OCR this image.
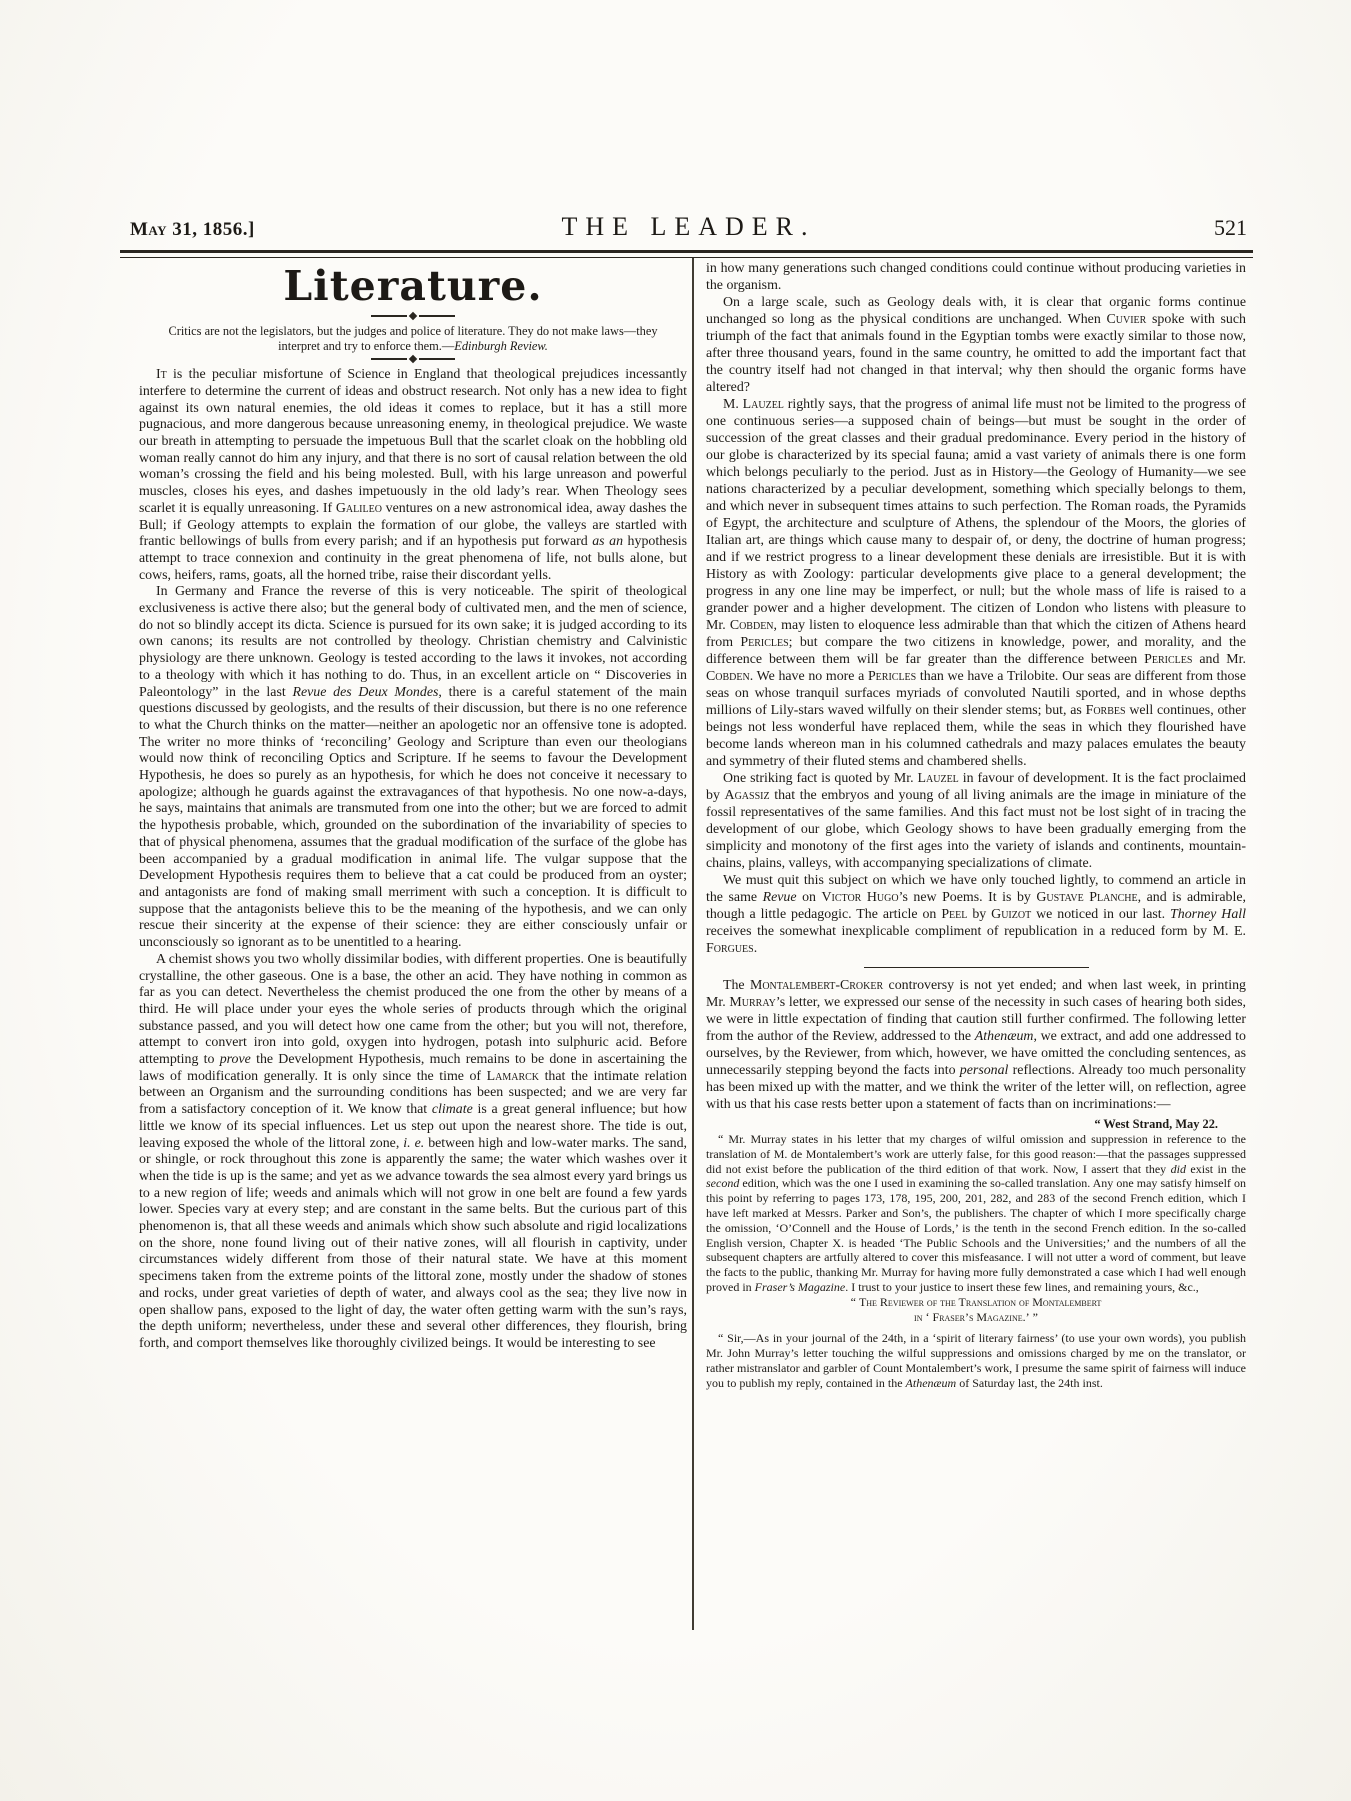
May 31, 1856.]	THE LEADER.	521
Literature.

Critics are not the legislators, but the judges and police of literature. They do not make laws—they interpret and try to enforce them.—Edinburgh Review.

It is the peculiar misfortune of Science in England that theological prejudices incessantly interfere to determine the current of ideas and obstruct research. Not only has a new idea to fight against its own natural enemies, the old ideas it comes to replace, but it has a still more pugnacious, and more dangerous because unreasoning enemy, in theological prejudice. We waste our breath in attempting to persuade the impetuous Bull that the scarlet cloak on the hobbling old woman really cannot do him any injury, and that there is no sort of causal relation between the old woman’s crossing the field and his being molested. Bull, with his large unreason and powerful muscles, closes his eyes, and dashes impetuously in the old lady’s rear. When Theology sees scarlet it is equally unreasoning. If Galileo ventures on a new astronomical idea, away dashes the Bull; if Geology attempts to explain the formation of our globe, the valleys are startled with frantic bellowings of bulls from every parish; and if an hypothesis put forward as an hypothesis attempt to trace connexion and continuity in the great phenomena of life, not bulls alone, but cows, heifers, rams, goats, all the horned tribe, raise their discordant yells.

In Germany and France the reverse of this is very noticeable. The spirit of theological exclusiveness is active there also; but the general body of cultivated men, and the men of science, do not so blindly accept its dicta. Science is pursued for its own sake; it is judged according to its own canons; its results are not controlled by theology. Christian chemistry and Calvinistic physiology are there unknown. Geology is tested according to the laws it invokes, not according to a theology with which it has nothing to do. Thus, in an excellent article on “ Discoveries in Paleontology” in the last Revue des Deux Mondes, there is a careful statement of the main questions discussed by geologists, and the results of their discussion, but there is no one reference to what the Church thinks on the matter—neither an apologetic nor an offensive tone is adopted. The writer no more thinks of ‘reconciling’ Geology and Scripture than even our theologians would now think of reconciling Optics and Scripture. If he seems to favour the Development Hypothesis, he does so purely as an hypothesis, for which he does not conceive it necessary to apologize; although he guards against the extravagances of that hypothesis. No one now-a-days, he says, maintains that animals are transmuted from one into the other; but we are forced to admit the hypothesis probable, which, grounded on the subordination of the invariability of species to that of physical phenomena, assumes that the gradual modification of the surface of the globe has been accompanied by a gradual modification in animal life. The vulgar suppose that the Development Hypothesis requires them to believe that a cat could be produced from an oyster; and antagonists are fond of making small merriment with such a conception. It is difficult to suppose that the antagonists believe this to be the meaning of the hypothesis, and we can only rescue their sincerity at the expense of their science: they are either consciously unfair or unconsciously so ignorant as to be unentitled to a hearing.

A chemist shows you two wholly dissimilar bodies, with different properties. One is beautifully crystalline, the other gaseous. One is a base, the other an acid. They have nothing in common as far as you can detect. Nevertheless the chemist produced the one from the other by means of a third. He will place under your eyes the whole series of products through which the original substance passed, and you will detect how one came from the other; but you will not, therefore, attempt to convert iron into gold, oxygen into hydrogen, potash into sulphuric acid. Before attempting to prove the Development Hypothesis, much remains to be done in ascertaining the laws of modification generally. It is only since the time of Lamarck that the intimate relation between an Organism and the surrounding conditions has been suspected; and we are very far from a satisfactory conception of it. We know that climate is a great general influence; but how little we know of its special influences. Let us step out upon the nearest shore. The tide is out, leaving exposed the whole of the littoral zone, i. e. between high and low-water marks. The sand, or shingle, or rock throughout this zone is apparently the same; the water which washes over it when the tide is up is the same; and yet as we advance towards the sea almost every yard brings us to a new region of life; weeds and animals which will not grow in one belt are found a few yards lower. Species vary at every step; and are constant in the same belts. But the curious part of this phenomenon is, that all these weeds and animals which show such absolute and rigid localizations on the shore, none found living out of their native zones, will all flourish in captivity, under circumstances widely different from those of their natural state. We have at this moment specimens taken from the extreme points of the littoral zone, mostly under the shadow of stones and rocks, under great varieties of depth of water, and always cool as the sea; they live now in open shallow pans, exposed to the light of day, the water often getting warm with the sun’s rays, the depth uniform; nevertheless, under these and several other differences, they flourish, bring forth, and comport themselves like thoroughly civilized beings. It would be interesting to see

in how many generations such changed conditions could continue without producing varieties in the organism.

On a large scale, such as Geology deals with, it is clear that organic forms continue unchanged so long as the physical conditions are unchanged. When Cuvier spoke with such triumph of the fact that animals found in the Egyptian tombs were exactly similar to those now, after three thousand years, found in the same country, he omitted to add the important fact that the country itself had not changed in that interval; why then should the organic forms have altered?

M. Lauzel rightly says, that the progress of animal life must not be limited to the progress of one continuous series—a supposed chain of beings—but must be sought in the order of succession of the great classes and their gradual predominance. Every period in the history of our globe is characterized by its special fauna; amid a vast variety of animals there is one form which belongs peculiarly to the period. Just as in History—the Geology of Humanity—we see nations characterized by a peculiar development, something which specially belongs to them, and which never in subsequent times attains to such perfection. The Roman roads, the Pyramids of Egypt, the architecture and sculpture of Athens, the splendour of the Moors, the glories of Italian art, are things which cause many to despair of, or deny, the doctrine of human progress; and if we restrict progress to a linear development these denials are irresistible. But it is with History as with Zoology: particular developments give place to a general development; the progress in any one line may be imperfect, or null; but the whole mass of life is raised to a grander power and a higher development. The citizen of London who listens with pleasure to Mr. Cobden, may listen to eloquence less admirable than that which the citizen of Athens heard from Pericles; but compare the two citizens in knowledge, power, and morality, and the difference between them will be far greater than the difference between Pericles and Mr. Cobden. We have no more a Pericles than we have a Trilobite. Our seas are different from those seas on whose tranquil surfaces myriads of convoluted Nautili sported, and in whose depths millions of Lily-stars waved wilfully on their slender stems; but, as Forbes well continues, other beings not less wonderful have replaced them, while the seas in which they flourished have become lands whereon man in his columned cathedrals and mazy palaces emulates the beauty and symmetry of their fluted stems and chambered shells.

One striking fact is quoted by Mr. Lauzel in favour of development. It is the fact proclaimed by Agassiz that the embryos and young of all living animals are the image in miniature of the fossil representatives of the same families. And this fact must not be lost sight of in tracing the development of our globe, which Geology shows to have been gradually emerging from the simplicity and monotony of the first ages into the variety of islands and continents, mountain-chains, plains, valleys, with accompanying specializations of climate.

We must quit this subject on which we have only touched lightly, to commend an article in the same Revue on Victor Hugo’s new Poems. It is by Gustave Planche, and is admirable, though a little pedagogic. The article on Peel by Guizot we noticed in our last. Thorney Hall receives the somewhat inexplicable compliment of republication in a reduced form by M. E. Forgues.

The Montalembert-Croker controversy is not yet ended; and when last week, in printing Mr. Murray’s letter, we expressed our sense of the necessity in such cases of hearing both sides, we were in little expectation of finding that caution still further confirmed. The following letter from the author of the Review, addressed to the Athenæum, we extract, and add one addressed to ourselves, by the Reviewer, from which, however, we have omitted the concluding sentences, as unnecessarily stepping beyond the facts into personal reflections. Already too much personality has been mixed up with the matter, and we think the writer of the letter will, on reflection, agree with us that his case rests better upon a statement of facts than on incriminations:—

“ West Strand, May 22.

“ Mr. Murray states in his letter that my charges of wilful omission and suppression in reference to the translation of M. de Montalembert’s work are utterly false, for this good reason:—that the passages suppressed did not exist before the publication of the third edition of that work. Now, I assert that they did exist in the second edition, which was the one I used in examining the so-called translation. Any one may satisfy himself on this point by referring to pages 173, 178, 195, 200, 201, 282, and 283 of the second French edition, which I have left marked at Messrs. Parker and Son’s, the publishers. The chapter of which I more specifically charge the omission, ‘O’Connell and the House of Lords,’ is the tenth in the second French edition. In the so-called English version, Chapter X. is headed ‘The Public Schools and the Universities;’ and the numbers of all the subsequent chapters are artfully altered to cover this misfeasance. I will not utter a word of comment, but leave the facts to the public, thanking Mr. Murray for having more fully demonstrated a case which I had well enough proved in Fraser’s Magazine. I trust to your justice to insert these few lines, and remaining yours, &c.,

“ The Reviewer of the Translation of Montalembert

in ‘ Fraser’s Magazine.’ ”

“ Sir,—As in your journal of the 24th, in a ‘spirit of literary fairness’ (to use your own words), you publish Mr. John Murray’s letter touching the wilful suppressions and omissions charged by me on the translator, or rather mistranslator and garbler of Count Montalembert’s work, I presume the same spirit of fairness will induce you to publish my reply, contained in the Athenæum of Saturday last, the 24th inst.
